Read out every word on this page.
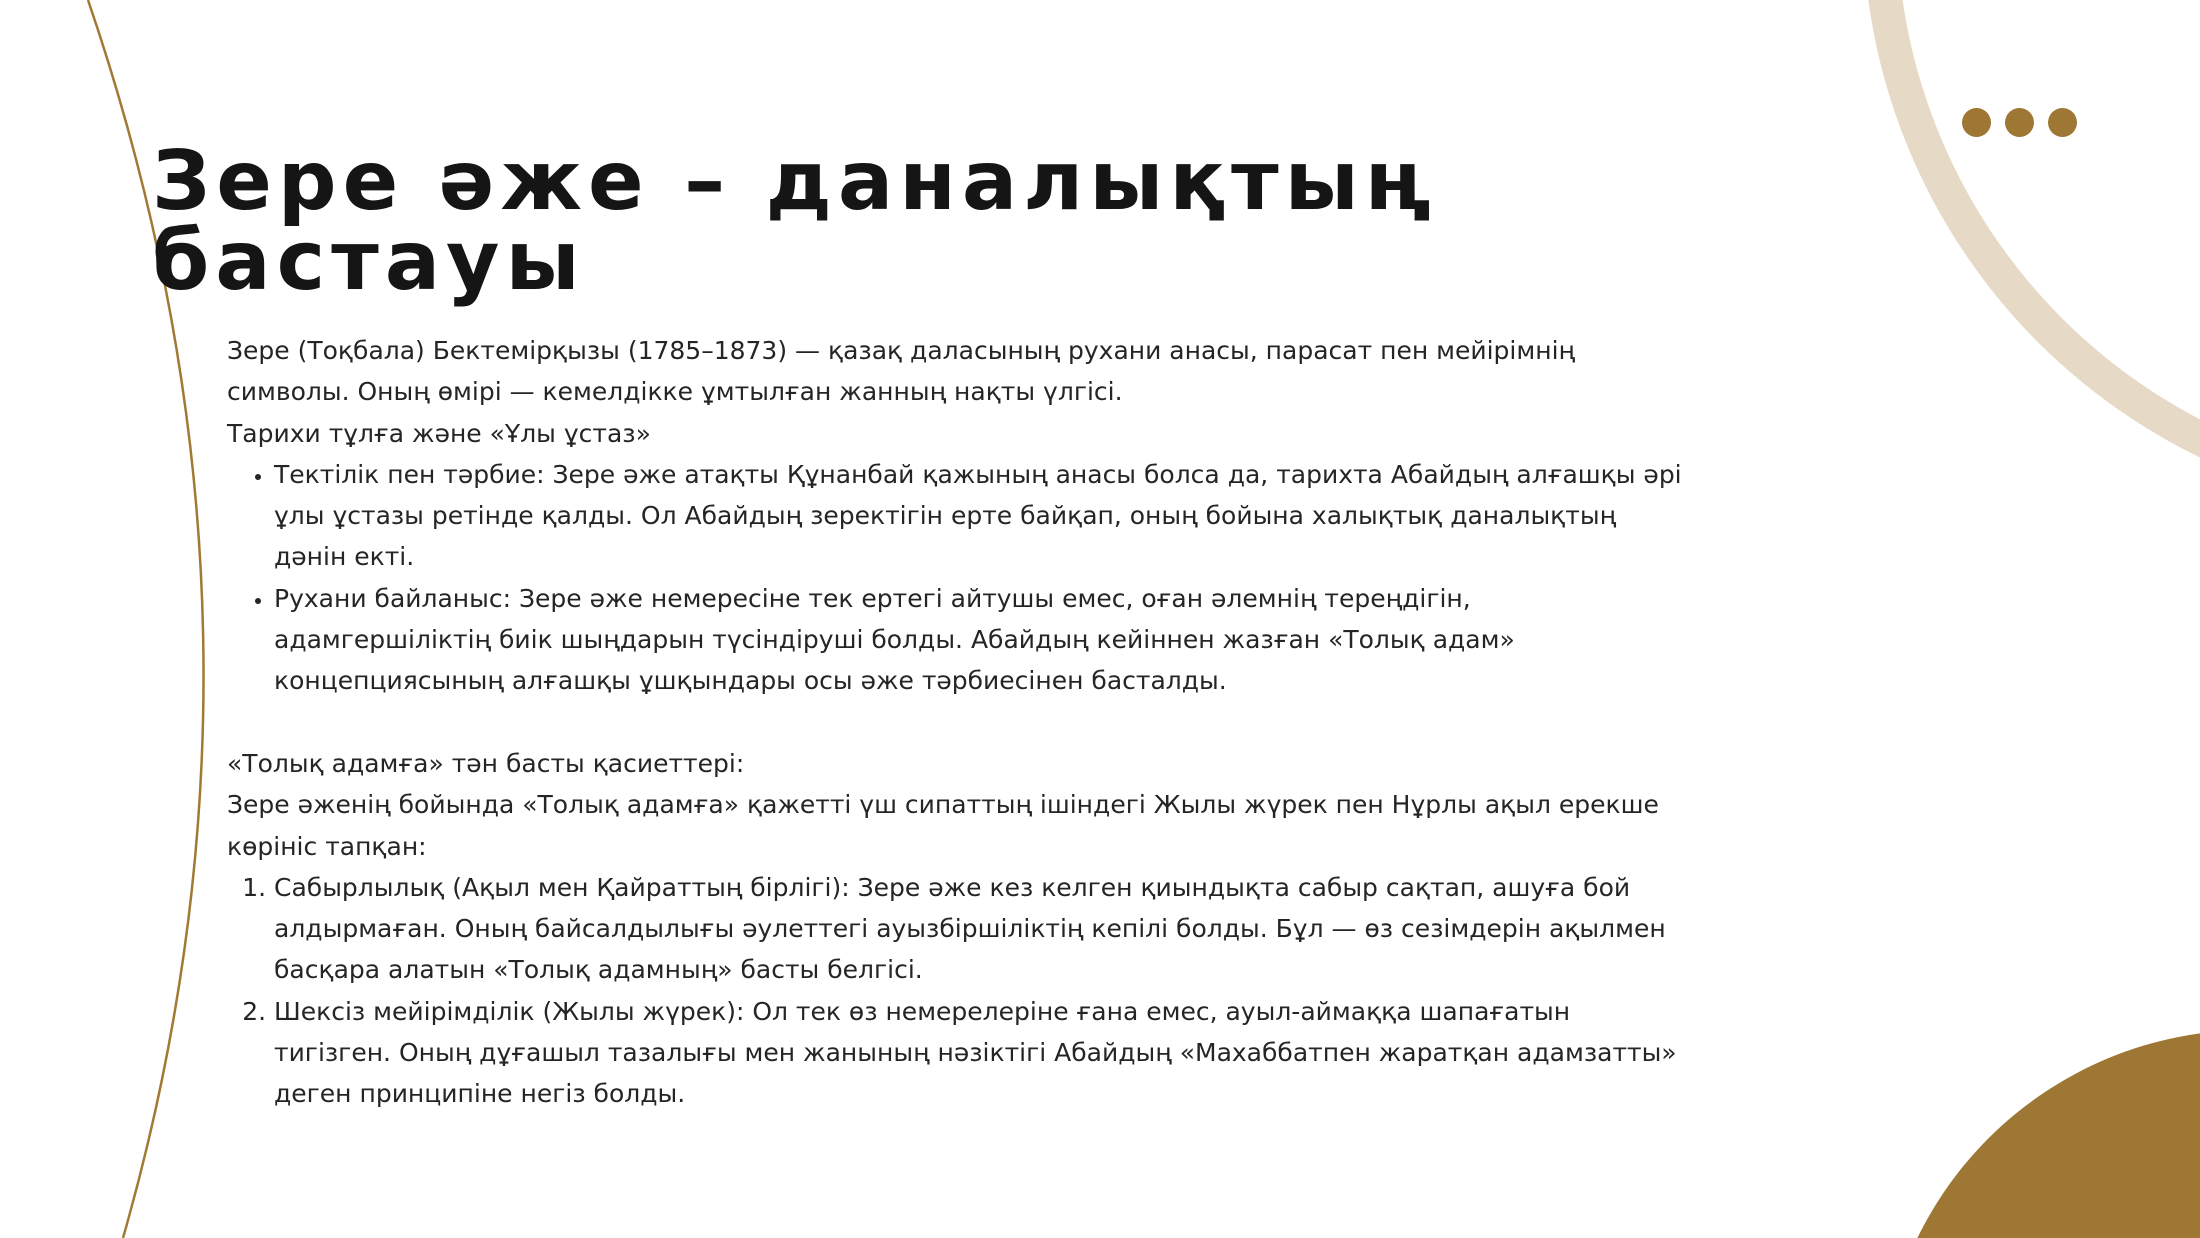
Зере әже – даналықтың бастауы

Зере (Тоқбала) Бектемірқызы (1785–1873) — қазақ даласының рухани анасы, парасат пен мейірімнің символы. Оның өмірі — кемелдікке ұмтылған жанның нақты үлгісі.

Тарихи тұлға және «Ұлы ұстаз»

• Тектілік пен тәрбие: Зере әже атақты Құнанбай қажының анасы болса да, тарихта Абайдың алғашқы әрі ұлы ұстазы ретінде қалды. Ол Абайдың зеректігін ерте байқап, оның бойына халықтық даналықтың дәнін екті.
• Рухани байланыс: Зере әже немересіне тек ертегі айтушы емес, оған әлемнің тереңдігін, адамгершіліктің биік шыңдарын түсіндіруші болды. Абайдың кейіннен жазған «Толық адам» концепциясының алғашқы ұшқындары осы әже тәрбиесінен басталды.

«Толық адамға» тән басты қасиеттері:

Зере әженің бойында «Толық адамға» қажетті үш сипаттың ішіндегі Жылы жүрек пен Нұрлы ақыл ерекше көрініс тапқан:

1. Сабырлылық (Ақыл мен Қайраттың бірлігі): Зере әже кез келген қиындықта сабыр сақтап, ашуға бой алдырмаған. Оның байсалдылығы әулеттегі ауызбіршіліктің кепілі болды. Бұл — өз сезімдерін ақылмен басқара алатын «Толық адамның» басты белгісі.
2. Шексіз мейірімділік (Жылы жүрек): Ол тек өз немерелеріне ғана емес, ауыл-аймаққа шапағатын тигізген. Оның дұғашыл тазалығы мен жанының нәзіктігі Абайдың «Махаббатпен жаратқан адамзатты» деген принципіне негіз болды.
